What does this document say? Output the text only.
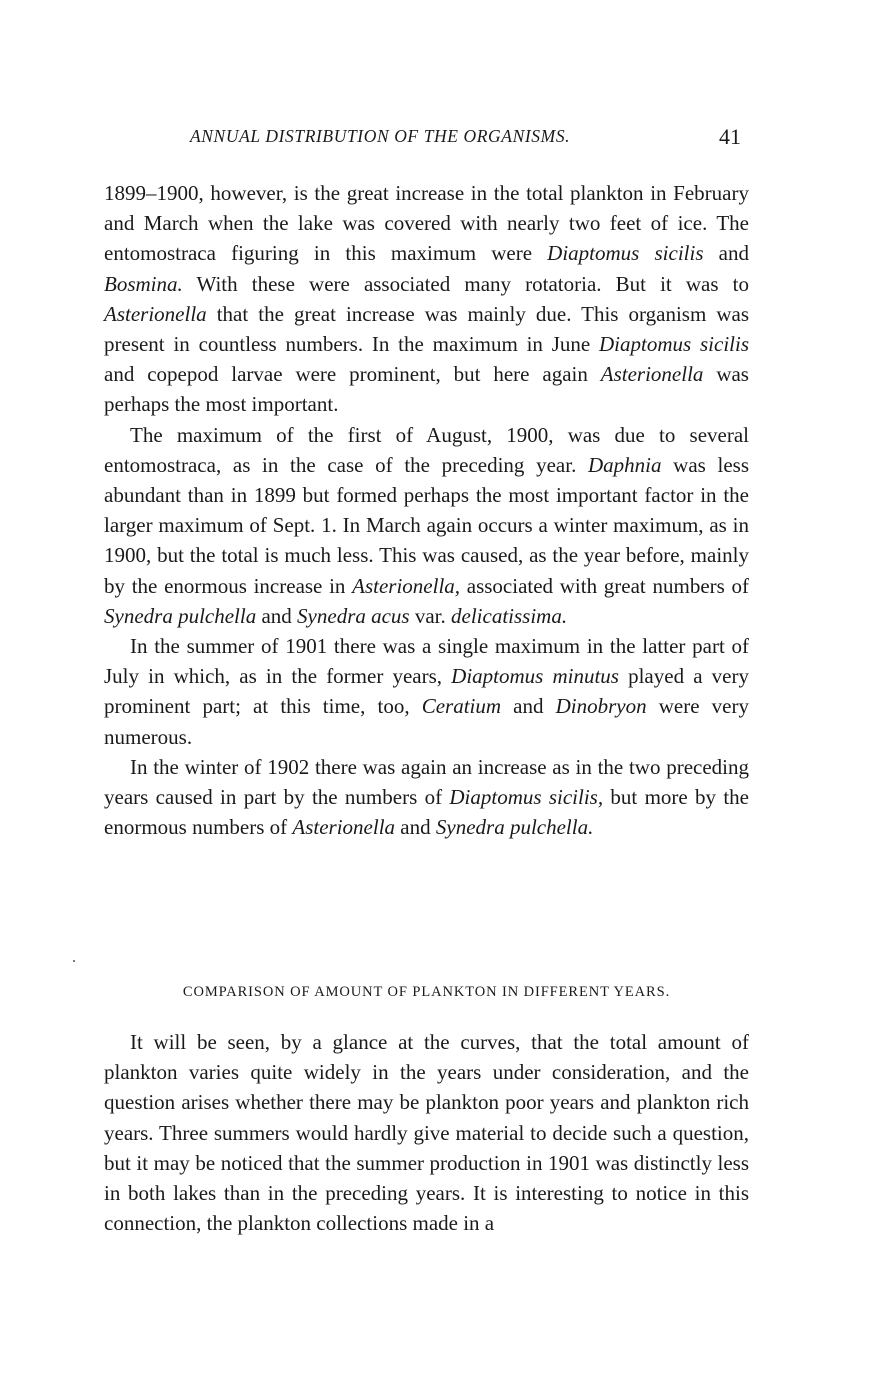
ANNUAL DISTRIBUTION OF THE ORGANISMS.	41

1899–1900, however, is the great increase in the total plankton in February and March when the lake was covered with nearly two feet of ice. The entomostraca figuring in this maximum were Diaptomus sicilis and Bosmina. With these were associated many rotatoria. But it was to Asterionella that the great increase was mainly due. This organism was present in countless numbers. In the maximum in June Diaptomus sicilis and copepod larvae were prominent, but here again Asterionella was perhaps the most important.

The maximum of the first of August, 1900, was due to several entomostraca, as in the case of the preceding year. Daphnia was less abundant than in 1899 but formed perhaps the most important factor in the larger maximum of Sept. 1. In March again occurs a winter maximum, as in 1900, but the total is much less. This was caused, as the year before, mainly by the enormous increase in Asterionella, associated with great numbers of Synedra pulchella and Synedra acus var. delicatissima.

In the summer of 1901 there was a single maximum in the latter part of July in which, as in the former years, Diaptomus minutus played a very prominent part; at this time, too, Ceratium and Dinobryon were very numerous.

In the winter of 1902 there was again an increase as in the two preceding years caused in part by the numbers of Diaptomus sicilis, but more by the enormous numbers of Asterionella and Synedra pulchella.

COMPARISON OF AMOUNT OF PLANKTON IN DIFFERENT YEARS.

It will be seen, by a glance at the curves, that the total amount of plankton varies quite widely in the years under consideration, and the question arises whether there may be plankton poor years and plankton rich years. Three summers would hardly give material to decide such a question, but it may be noticed that the summer production in 1901 was distinctly less in both lakes than in the preceding years. It is interesting to notice in this connection, the plankton collections made in a
